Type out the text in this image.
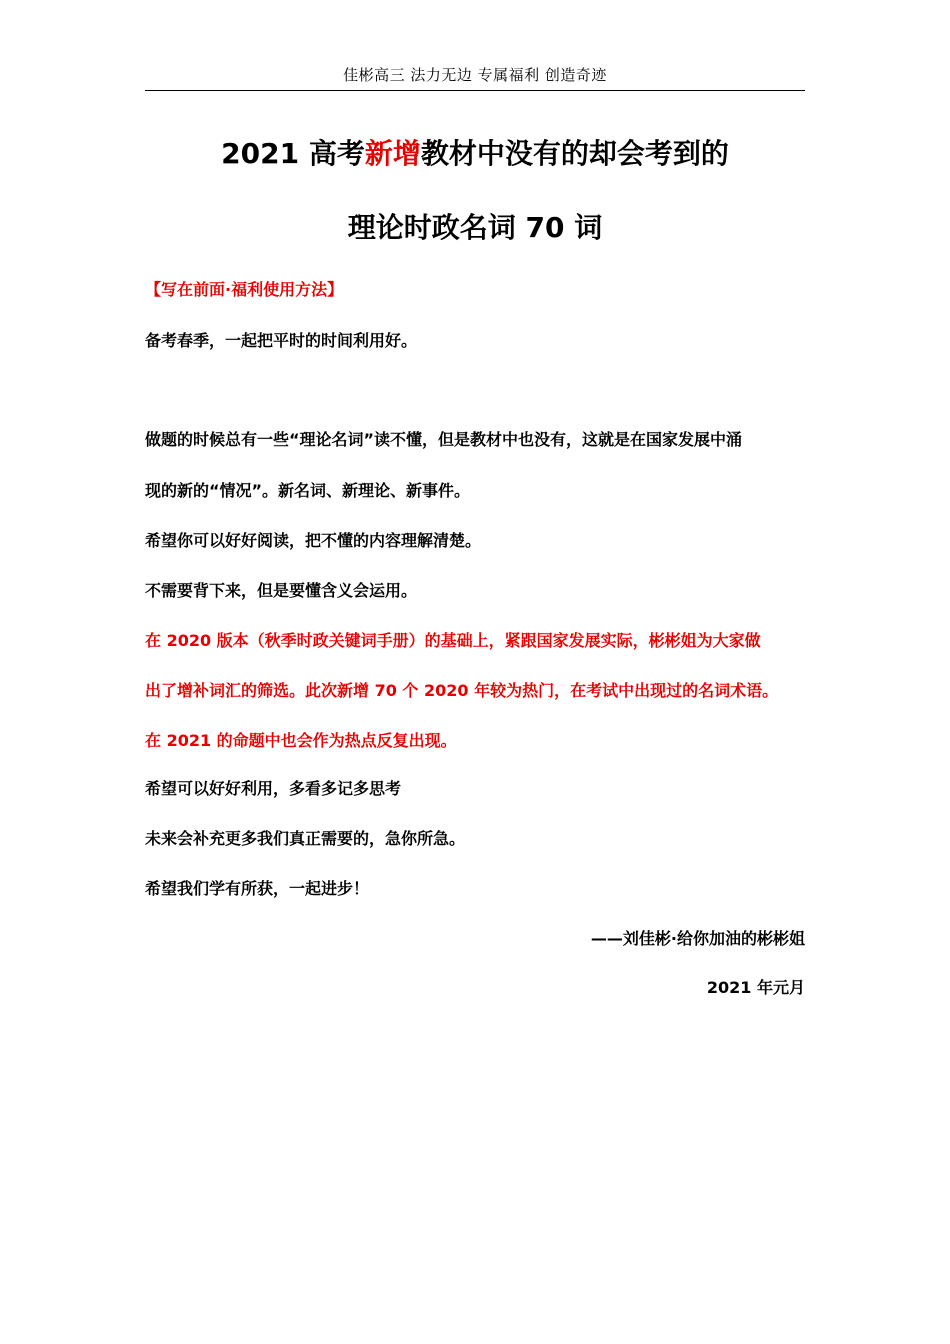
佳彬高三 法力无边 专属福利 创造奇迹
2021 高考新增教材中没有的却会考到的
理论时政名词 70 词
【写在前面·福利使用方法】
备考春季，一起把平时的时间利用好。
做题的时候总有一些“理论名词”读不懂，但是教材中也没有，这就是在国家发展中涌
现的新的“情况”。新名词、新理论、新事件。
希望你可以好好阅读，把不懂的内容理解清楚。
不需要背下来，但是要懂含义会运用。
在 2020 版本（秋季时政关键词手册）的基础上，紧跟国家发展实际，彬彬姐为大家做
出了增补词汇的筛选。此次新增 70 个 2020 年较为热门，在考试中出现过的名词术语。
在 2021 的命题中也会作为热点反复出现。
希望可以好好利用，多看多记多思考
未来会补充更多我们真正需要的，急你所急。
希望我们学有所获，一起进步！
——刘佳彬·给你加油的彬彬姐
2021 年元月
